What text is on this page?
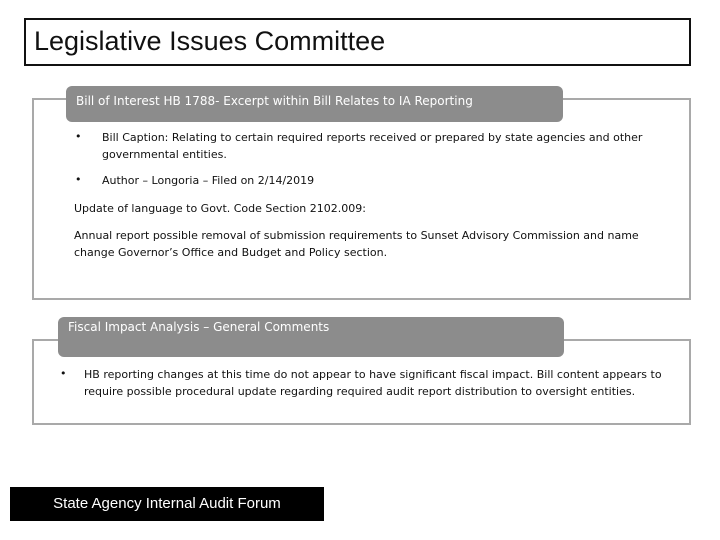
Legislative Issues Committee
Bill of Interest HB 1788- Excerpt within Bill Relates to IA Reporting
• Bill Caption: Relating to certain required reports received or prepared by state agencies and other governmental entities.
• Author – Longoria – Filed on 2/14/2019
Update of language to Govt. Code Section 2102.009:
Annual report possible removal of submission requirements to Sunset Advisory Commission and name change Governor’s Office and Budget and Policy section.
Fiscal Impact Analysis – General Comments
• HB reporting changes at this time do not appear to have significant fiscal impact. Bill content appears to require possible procedural update regarding required audit report distribution to oversight entities.
State Agency Internal Audit Forum
